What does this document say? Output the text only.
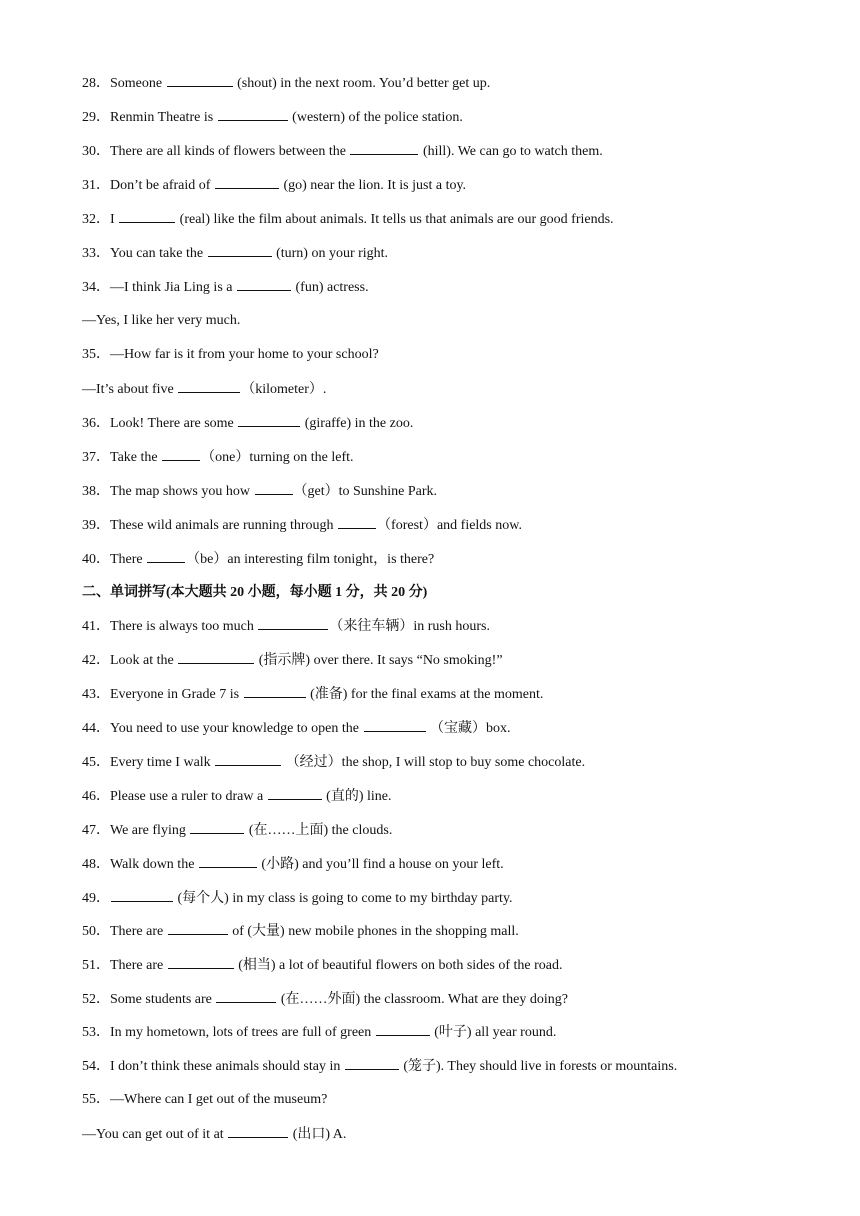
28．Someone	(shout) in the next room. You’d better get up.

29．Renmin Theatre is	(western) of the police station.

30．There are all kinds of flowers between the	(hill). We can go to watch them.

31．Don’t be afraid of	(go) near the lion. It is just a toy.

32．I	(real) like the film about animals. It tells us that animals are our good friends.

33．You can take the	(turn) on your right.

34．—I think Jia Ling is a	(fun) actress.

—Yes, I like her very much.

35．—How far is it from your home to your school?

—It’s about five	（kilometer）.

36．Look! There are some	(giraffe) in the zoo.

37．Take the	（one）turning on the left.

38．The map shows you how	（get）to Sunshine Park.

39．These wild animals are running through	（forest）and fields now.

40．There	（be）an interesting film tonight，is there?

二、单词拼写(本大题共 20 小题，每小题 1 分，共 20 分)

41．There is always too much	（来往车辆）in rush hours.

42．Look at the	(指示牌) over there. It says “No smoking!”

43．Everyone in Grade 7 is	(准备) for the final exams at the moment.

44．You need to use your knowledge to open the	（宝藏）box.

45．Every time I walk	（经过）the shop, I will stop to buy some chocolate.

46．Please use a ruler to draw a	(直的) line.

47．We are flying	(在……上面) the clouds.

48．Walk down the	(小路) and you’ll find a house on your left.

49．	(每个人) in my class is going to come to my birthday party.

50．There are	of (大量) new mobile phones in the shopping mall.

51．There are	(相当) a lot of beautiful flowers on both sides of the road.

52．Some students are	(在……外面) the classroom. What are they doing?

53．In my hometown, lots of trees are full of green	(叶子) all year round.

54．I don’t think these animals should stay in	(笼子). They should live in forests or mountains.

55．—Where can I get out of the museum?

—You can get out of it at	(出口) A.
